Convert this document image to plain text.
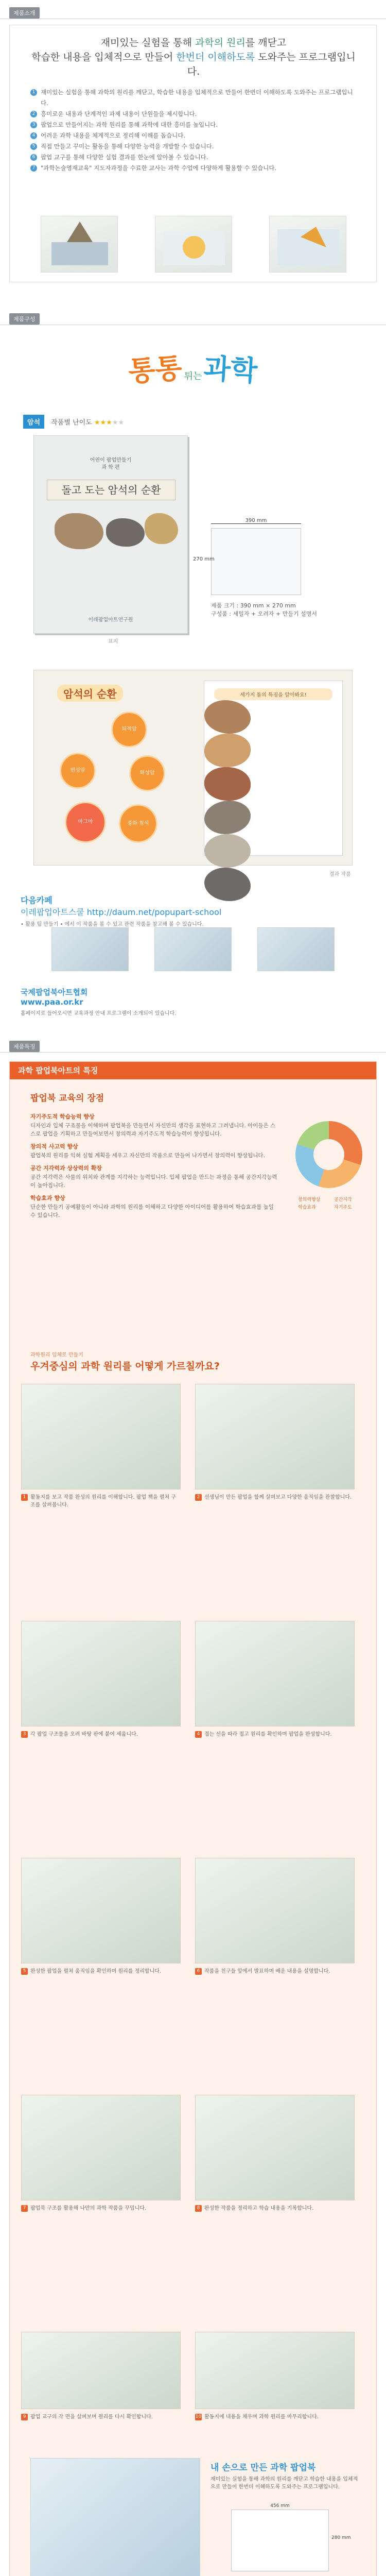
제품소개
재미있는 실험을 통해 과학의 원리를 깨닫고
학습한 내용을 입체적으로 만들어 한번더 이해하도록 도와주는 프로그램입니다.
1 재미있는 실험을 통해 과학의 원리를 깨닫고, 학습한 내용을 입체적으로 만들어 한번더 이해하도록 도와주는 프로그램입니다.
2 흥미로운 내용과 단계적인 과제 내용이 단원들을 제시합니다.
3 팝업으로 만들어지는 과학 원리를 통해 과학에 대한 흥미를 높입니다.
4 어려운 과학 내용을 체계적으로 정리해 이해를 돕습니다.
5 직접 만들고 꾸미는 활동을 통해 다양한 능력을 개발할 수 있습니다.
6 팝업 교구를 통해 다양한 실험 결과를 한눈에 알아볼 수 있습니다.
7 "과학논술영재교육" 지도자과정을 수료한 교사는 과학 수업에 다양하게 활용할 수 있습니다.
제품구성
통통튀는과학
암석 작품별 난이도 ★★★★★
어린이 팝업만들기
과 학 편
돌고 도는 암석의 순환
이레팝업아트연구원
표지
390 mm
270 mm
제품 크기 : 390 mm × 270 mm
구성품 : 세밀자 + 오려자 + 만들기 설명서
암석의 순환
퇴적암
변성암	화성암
마그마	풍화·침식
세가지 돌의 특징을 알아봐요!
결과 작품
다음카페
이레팝업아트스쿨 http://daum.net/popupart-school
• 활용 팁 만들기 • 에서 이 작품을 볼 수 있고 관련 작품을 참고해 볼 수 있습니다.
국제팝업북아트협회
www.paa.or.kr
홈페이지로 들어오시면 교육과정 안내 프로그램이 소개되어 있습니다.
제품특징
과학 팝업북아트의 특징
팝업북 교육의 장점
자기주도적 학습능력 향상
디자인과 입체 구조물을 이해하며 팝업북을 만들면서 자신만의 생각을 표현하고 그려냅니다. 아이들은 스스로 팝업을 기획하고 만들어보면서 창의력과 자기주도적 학습능력이 향상됩니다.
창의적 사고력 향상
팝업북의 원리를 익혀 실험 계획을 세우고 자신만의 작품으로 만들어 나가면서 창의력이 향상됩니다.
공간 지각력과 상상력의 확장
공간 지각력은 사물의 위치와 관계를 지각하는 능력입니다. 입체 팝업을 만드는 과정을 통해 공간지각능력이 높아집니다.
학습효과 향상
단순한 만들기 공예활동이 아니라 과학의 원리를 이해하고 다양한 아이디어를 활용하여 학습효과를 높일 수 있습니다.
창의력향상	공간지각
학습효과	자기주도
과학원리 입체로 만들기
우겨중심의 과학 원리를 어떻게 가르칠까요?
1 활동지를 보고 작품 완성의 원리를 이해합니다. 팝업 책을 펼쳐 구조를 살펴봅니다.
2 선생님이 만든 팝업을 함께 살펴보고 다양한 움직임을 관찰합니다.
3 각 팝업 구조물을 오려 바탕 판에 붙여 세웁니다.	4 접는 선을 따라 접고 원리를 확인하며 팝업을 완성합니다.
5 완성한 팝업을 펼쳐 움직임을 확인하며 원리를 정리합니다.	6 작품을 친구들 앞에서 발표하며 배운 내용을 설명합니다.
7 팝업북 구조를 활용해 나만의 과학 작품을 꾸밉니다.	8 완성한 작품을 정리하고 학습 내용을 기록합니다.
9 팝업 교구의 각 면을 살펴보며 원리를 다시 확인합니다.	10 활동지에 내용을 채우며 과학 원리를 마무리합니다.
내 손으로 만든 과학 팝업북
재미있는 실험을 통해 과학의 원리를 깨닫고 학습한 내용을 입체적으로 만들어 한번더 이해하도록 도와주는 프로그램입니다.
456 mm
280 mm
